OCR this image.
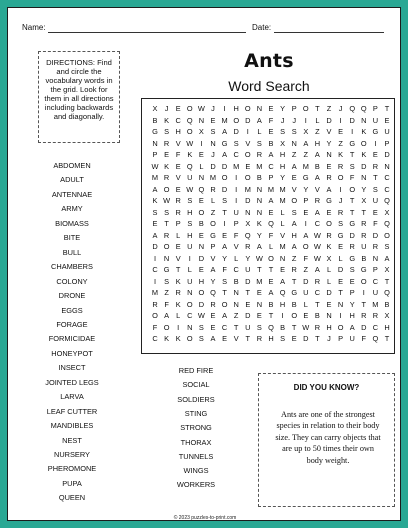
Name:	Date:
DIRECTIONS: Find and circle the vocabulary words in the grid. Look for them in all directions including backwards and diagonally.
Ants
Word Search
X J E O W J	I	H O N E Y P O T Z	J Q Q P T
B K C Q N E M O D A F	J	J	I	L D	I	D N U E
G S H O X S A D	I	L E S S X Z V E	I	K G U
N R V W I	N G S V S B X N A H Y Z G O	I	P
P E F K E J A C O R A H Z Z A N K T K E D
W K E Q L D D M E M C H A M B E R S D R N
M R V U N M O	I	O B P Y E G A R O F N T C
A O E W Q R D	I	M N M M V Y V A	I	O Y S C
K W R S E L S	I	D N A M O P R G J	T X U Q
S S R H O Z T U N N E L S E A E R T T E X
E T P S B O	I	P X K Q L A	I	C O S G R F Q
A R L H E G E F Q Y F V H A W R G D R D O
D O E U N P A V R A L M A O W K E R U R S
I	N V	I	D V Y L Y W O N Z F W X L G B N A
C G T L E A F C U T T E R Z A L D S G P X
I	S K U H Y S B D M E A T D R L E E O C T
M Z R N O Q T N T E A Q G U C D T P	I	U Q
R F K O D R O N E N B H B L T E N Y T M B
O A L C W E A Z D E T	I	O E B N	I	H R R X
F O	I	N S E C T U S Q B T W R H O A D C H
C K K O S A E V T R H S E D T	J P U F Q T
ABDOMEN
ADULT
ANTENNAE
ARMY
BIOMASS
BITE
BULL
CHAMBERS
COLONY
DRONE
EGGS
FORAGE
FORMICIDAE
HONEYPOT
INSECT
JOINTED LEGS
LARVA
LEAF CUTTER
MANDIBLES
NEST
NURSERY
PHEROMONE
PUPA
QUEEN
RED FIRE
SOCIAL
SOLDIERS
STING
STRONG
THORAX
TUNNELS
WINGS
WORKERS
DID YOU KNOW?
Ants are one of the strongest species in relation to their body size. They can carry objects that are up to 50 times their own body weight.
© 2023 puzzles-to-print.com
